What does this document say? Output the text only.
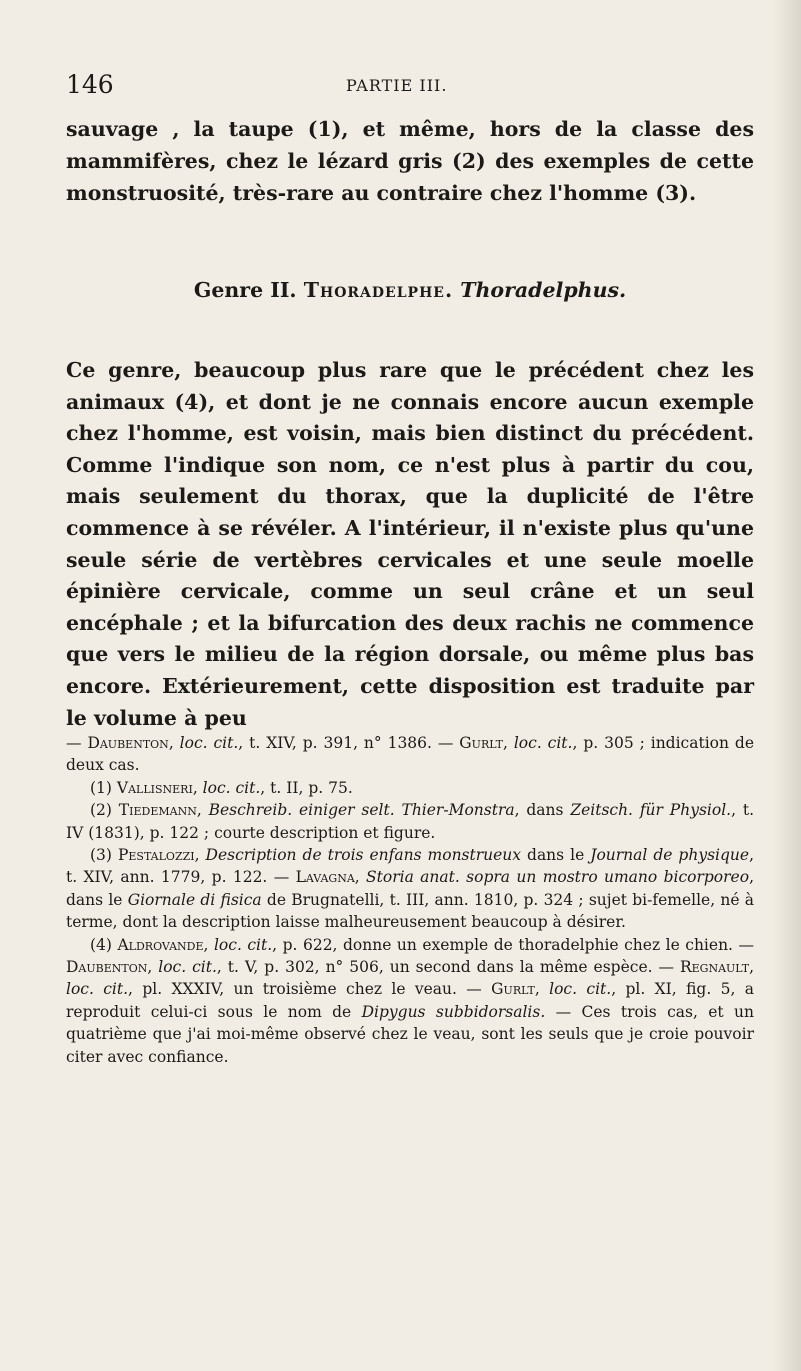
146	PARTIE III.

sauvage , la taupe (1), et même, hors de la classe des mammifères, chez le lézard gris (2) des exemples de cette monstruosité, très-rare au contraire chez l'homme (3).

Genre II. Thoradelphe. Thoradelphus.

Ce genre, beaucoup plus rare que le précédent chez les animaux (4), et dont je ne connais encore aucun exemple chez l'homme, est voisin, mais bien distinct du précédent. Comme l'indique son nom, ce n'est plus à partir du cou, mais seulement du thorax, que la duplicité de l'être commence à se révéler. A l'intérieur, il n'existe plus qu'une seule série de vertèbres cervicales et une seule moelle épinière cervicale, comme un seul crâne et un seul encéphale ; et la bifurcation des deux rachis ne commence que vers le milieu de la région dorsale, ou même plus bas encore. Extérieurement, cette disposition est traduite par le volume à peu

— Daubenton, loc. cit., t. XIV, p. 391, n° 1386. — Gurlt, loc. cit., p. 305 ; indication de deux cas.

(1) Vallisneri, loc. cit., t. II, p. 75.

(2) Tiedemann, Beschreib. einiger selt. Thier-Monstra, dans Zeitsch. für Physiol., t. IV (1831), p. 122 ; courte description et figure.

(3) Pestalozzi, Description de trois enfans monstrueux dans le Journal de physique, t. XIV, ann. 1779, p. 122. — Lavagna, Storia anat. sopra un mostro umano bicorporeo, dans le Giornale di fisica de Brugnatelli, t. III, ann. 1810, p. 324 ; sujet bi-femelle, né à terme, dont la description laisse malheureusement beaucoup à désirer.

(4) Aldrovande, loc. cit., p. 622, donne un exemple de thoradelphie chez le chien. — Daubenton, loc. cit., t. V, p. 302, n° 506, un second dans la même espèce. — Regnault, loc. cit., pl. XXXIV, un troisième chez le veau. — Gurlt, loc. cit., pl. XI, fig. 5, a reproduit celui-ci sous le nom de Dipygus subbidorsalis. — Ces trois cas, et un quatrième que j'ai moi-même observé chez le veau, sont les seuls que je croie pouvoir citer avec confiance.
